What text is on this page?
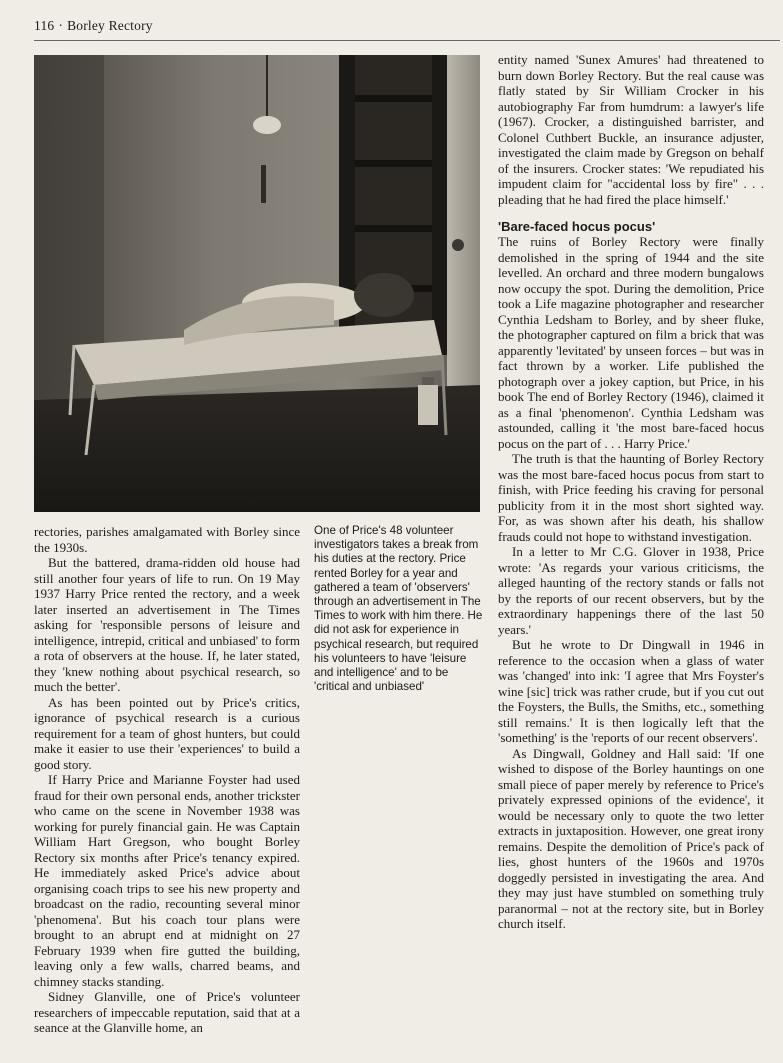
116 · Borley Rectory

rectories, parishes amalgamated with Borley since the 1930s.

But the battered, drama-ridden old house had still another four years of life to run. On 19 May 1937 Harry Price rented the rectory, and a week later inserted an advertisement in The Times asking for 'responsible persons of leisure and intelligence, intrepid, critical and unbiased' to form a rota of observers at the house. If, he later stated, they 'knew nothing about psychical research, so much the better'.

As has been pointed out by Price's critics, ignorance of psychical research is a curious requirement for a team of ghost hunters, but could make it easier to use their 'experiences' to build a good story.

If Harry Price and Marianne Foyster had used fraud for their own personal ends, another trickster who came on the scene in November 1938 was working for purely financial gain. He was Captain William Hart Gregson, who bought Borley Rectory six months after Price's tenancy expired. He immediately asked Price's advice about organising coach trips to see his new property and broadcast on the radio, recounting several minor 'phenomena'. But his coach tour plans were brought to an abrupt end at midnight on 27 February 1939 when fire gutted the building, leaving only a few walls, charred beams, and chimney stacks standing.

Sidney Glanville, one of Price's volunteer researchers of impeccable reputation, said that at a seance at the Glanville home, an

One of Price's 48 volunteer investigators takes a break from his duties at the rectory. Price rented Borley for a year and gathered a team of 'observers' through an advertisement in The Times to work with him there. He did not ask for experience in psychical research, but required his volunteers to have 'leisure and intelligence' and to be 'critical and unbiased'

entity named 'Sunex Amures' had threatened to burn down Borley Rectory. But the real cause was flatly stated by Sir William Crocker in his autobiography Far from humdrum: a lawyer's life (1967). Crocker, a distinguished barrister, and Colonel Cuthbert Buckle, an insurance adjuster, investigated the claim made by Gregson on behalf of the insurers. Crocker states: 'We repudiated his impudent claim for "accidental loss by fire" . . . pleading that he had fired the place himself.'

'Bare-faced hocus pocus'

The ruins of Borley Rectory were finally demolished in the spring of 1944 and the site levelled. An orchard and three modern bungalows now occupy the spot. During the demolition, Price took a Life magazine photographer and researcher Cynthia Ledsham to Borley, and by sheer fluke, the photographer captured on film a brick that was apparently 'levitated' by unseen forces – but was in fact thrown by a worker. Life published the photograph over a jokey caption, but Price, in his book The end of Borley Rectory (1946), claimed it as a final 'phenomenon'. Cynthia Ledsham was astounded, calling it 'the most bare-faced hocus pocus on the part of . . . Harry Price.'

The truth is that the haunting of Borley Rectory was the most bare-faced hocus pocus from start to finish, with Price feeding his craving for personal publicity from it in the most short sighted way. For, as was shown after his death, his shallow frauds could not hope to withstand investigation.

In a letter to Mr C.G. Glover in 1938, Price wrote: 'As regards your various criticisms, the alleged haunting of the rectory stands or falls not by the reports of our recent observers, but by the extraordinary happenings there of the last 50 years.'

But he wrote to Dr Dingwall in 1946 in reference to the occasion when a glass of water was 'changed' into ink: 'I agree that Mrs Foyster's wine [sic] trick was rather crude, but if you cut out the Foysters, the Bulls, the Smiths, etc., something still remains.' It is then logically left that the 'something' is the 'reports of our recent observers'.

As Dingwall, Goldney and Hall said: 'If one wished to dispose of the Borley hauntings on one small piece of paper merely by reference to Price's privately expressed opinions of the evidence', it would be necessary only to quote the two letter extracts in juxtaposition. However, one great irony remains. Despite the demolition of Price's pack of lies, ghost hunters of the 1960s and 1970s doggedly persisted in investigating the area. And they may just have stumbled on something truly paranormal – not at the rectory site, but in Borley church itself.
